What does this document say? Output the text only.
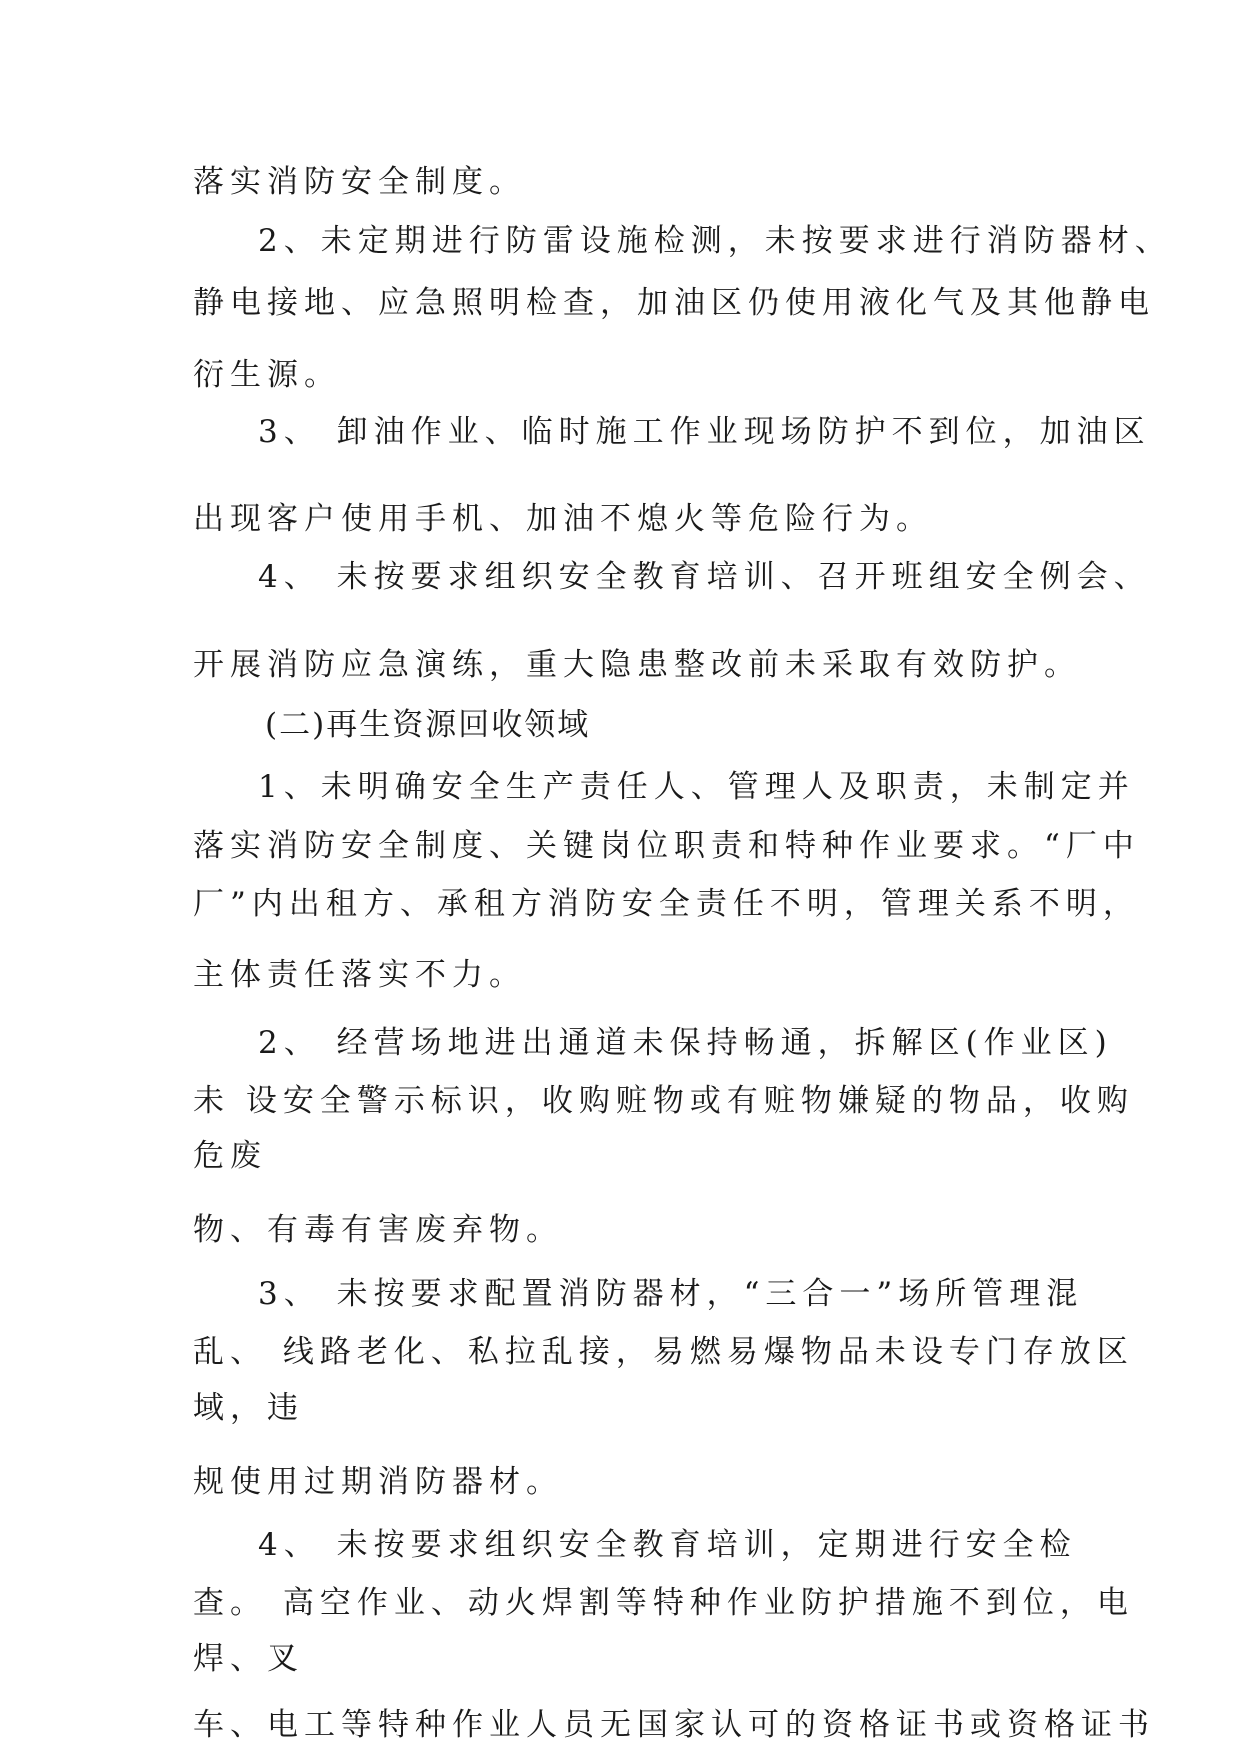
落实消防安全制度。
2、未定期进行防雷设施检测，未按要求进行消防器材、
静电接地、应急照明检查，加油区仍使用液化气及其他静电
衍生源。
3、 卸油作业、临时施工作业现场防护不到位，加油区
出现客户使用手机、加油不熄火等危险行为。
4、 未按要求组织安全教育培训、召开班组安全例会、
开展消防应急演练，重大隐患整改前未采取有效防护。
(二)再生资源回收领域
1、未明确安全生产责任人、管理人及职责，未制定并
落实消防安全制度、关键岗位职责和特种作业要求。“厂中
厂”内出租方、承租方消防安全责任不明，管理关系不明，
主体责任落实不力。
2、 经营场地进出通道未保持畅通，拆解区(作业区)
未 设安全警示标识，收购赃物或有赃物嫌疑的物品，收购
危废
物、有毒有害废弃物。
3、 未按要求配置消防器材，“三合一”场所管理混
乱、 线路老化、私拉乱接，易燃易爆物品未设专门存放区
域，违
规使用过期消防器材。
4、 未按要求组织安全教育培训，定期进行安全检
查。 高空作业、动火焊割等特种作业防护措施不到位，电
焊、叉
车、电工等特种作业人员无国家认可的资格证书或资格证书
